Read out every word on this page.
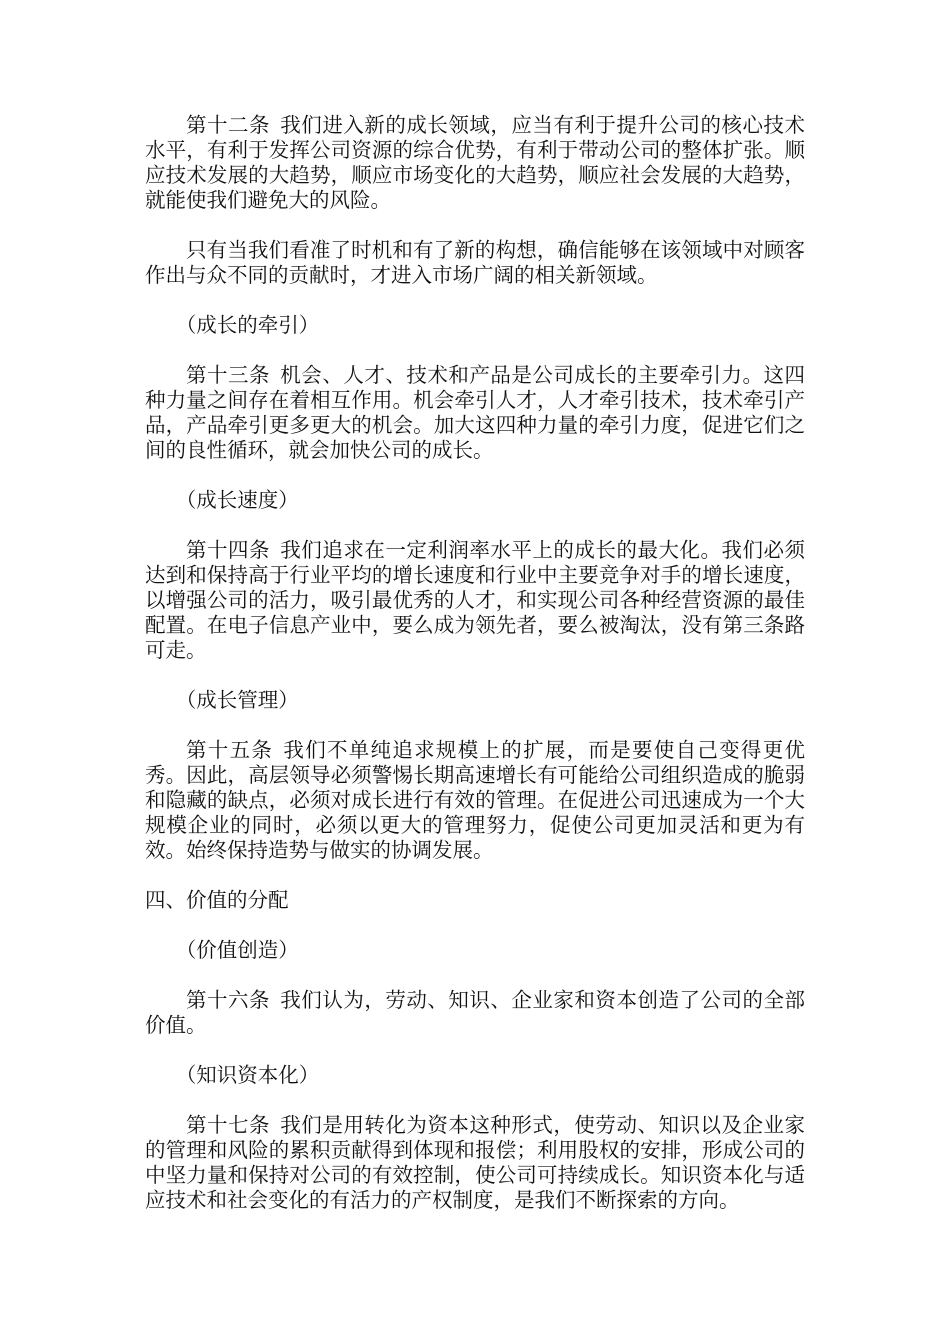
第十二条 我们进入新的成长领域，应当有利于提升公司的核心技术水平，有利于发挥公司资源的综合优势，有利于带动公司的整体扩张。顺应技术发展的大趋势，顺应市场变化的大趋势，顺应社会发展的大趋势，就能使我们避免大的风险。

只有当我们看准了时机和有了新的构想，确信能够在该领域中对顾客作出与众不同的贡献时，才进入市场广阔的相关新领域。

（成长的牵引）

第十三条 机会、人才、技术和产品是公司成长的主要牵引力。这四种力量之间存在着相互作用。机会牵引人才，人才牵引技术，技术牵引产品，产品牵引更多更大的机会。加大这四种力量的牵引力度，促进它们之间的良性循环，就会加快公司的成长。

（成长速度）

第十四条 我们追求在一定利润率水平上的成长的最大化。我们必须达到和保持高于行业平均的增长速度和行业中主要竞争对手的增长速度，以增强公司的活力，吸引最优秀的人才，和实现公司各种经营资源的最佳配置。在电子信息产业中，要么成为领先者，要么被淘汰，没有第三条路可走。

（成长管理）

第十五条 我们不单纯追求规模上的扩展，而是要使自己变得更优秀。因此，高层领导必须警惕长期高速增长有可能给公司组织造成的脆弱和隐藏的缺点，必须对成长进行有效的管理。在促进公司迅速成为一个大规模企业的同时，必须以更大的管理努力，促使公司更加灵活和更为有效。始终保持造势与做实的协调发展。

四、价值的分配

（价值创造）

第十六条 我们认为，劳动、知识、企业家和资本创造了公司的全部价值。

（知识资本化）

第十七条 我们是用转化为资本这种形式，使劳动、知识以及企业家的管理和风险的累积贡献得到体现和报偿；利用股权的安排，形成公司的中坚力量和保持对公司的有效控制，使公司可持续成长。知识资本化与适应技术和社会变化的有活力的产权制度，是我们不断探索的方向。
